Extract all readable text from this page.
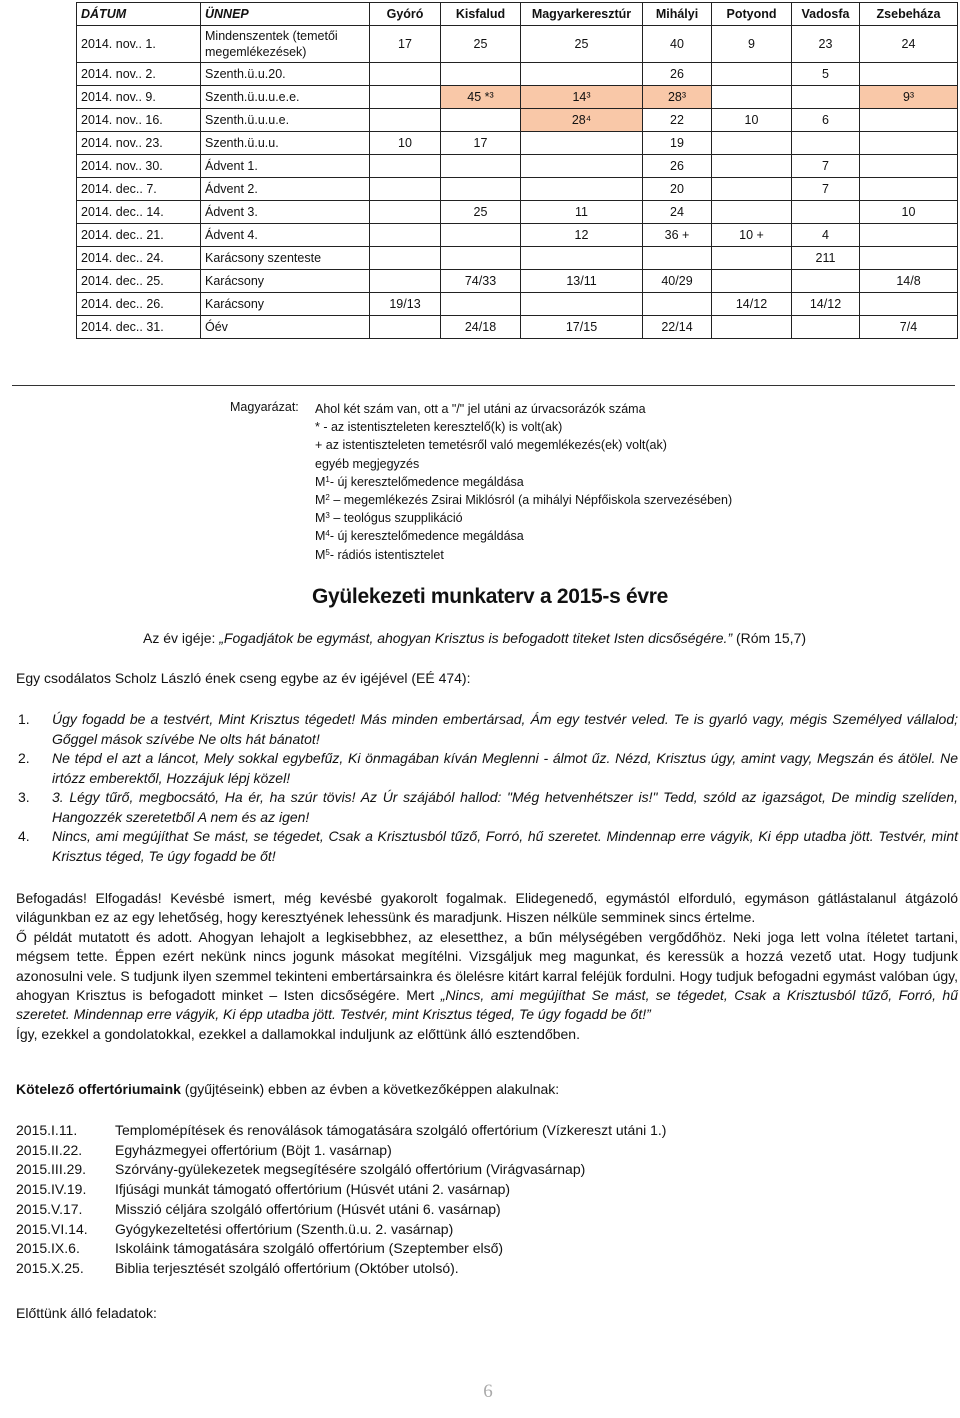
DÁTUM	ÜNNEP	Gyóró	Kisfalud	Magyarkeresztúr	Mihályi	Potyond	Vadosfa	Zsebeháza
2014. nov.. 1.	Mindenszentek (temetői megemlékezések)	17	25	25	40	9	23	24
2014. nov.. 2.	Szenth.ü.u.20.				26		5	
2014. nov.. 9.	Szenth.ü.u.u.e.e.		45 *³	14³	28³			9³
2014. nov.. 16.	Szenth.ü.u.u.e.			28⁴	22	10	6	
2014. nov.. 23.	Szenth.ü.u.u.	10	17		19			
2014. nov.. 30.	Ádvent 1.				26		7	
2014. dec.. 7.	Ádvent 2.				20		7	
2014. dec.. 14.	Ádvent 3.		25	11	24			10
2014. dec.. 21.	Ádvent 4.			12	36 +	10 +	4	
2014. dec.. 24.	Karácsony szenteste						211	
2014. dec.. 25.	Karácsony		74/33	13/11	40/29			14/8
2014. dec.. 26.	Karácsony	19/13				14/12	14/12	
2014. dec.. 31.	Óév		24/18	17/15	22/14			7/4
Magyarázat: Ahol két szám van, ott a "/" jel utáni az úrvacsorázók száma
* - az istentiszteleten keresztelő(k) is volt(ak)
+ az istentiszteleten temetésről való megemlékezés(ek) volt(ak)
egyéb megjegyzés
$M^1-$ új keresztelőmedence megáldása
$M^2$ – megemlékezés Zsirai Miklósról (a mihályi Népfőiskola szervezésében)
$M^3$ – teológus szupplikáció
$M^4-$ új keresztelőmedence megáldása
$M^5-$ rádiós istentisztelet
Gyülekezeti munkaterv a 2015-s évre
Az év igéje: „Fogadjátok be egymást, ahogyan Krisztus is befogadott titeket Isten dicsőségére.” (Róm 15,7)
Egy csodálatos Scholz László ének cseng egybe az év igéjével (EÉ 474):
1.	Úgy fogadd be a testvért, Mint Krisztus tégedet! Más minden embertársad, Ám egy testvér veled. Te is gyarló vagy, mégis Személyed vállalod; Gőggel mások szívébe Ne olts hát bánatot!
2.	Ne tépd el azt a láncot, Mely sokkal egybefűz, Ki önmagában kíván Meglenni - álmot űz. Nézd, Krisztus úgy, amint vagy, Megszán és átölel. Ne irtózz emberektől, Hozzájuk lépj közel!
3.	3. Légy tűrő, megbocsátó, Ha ér, ha szúr tövis! Az Úr szájából hallod: "Még hetvenhétszer is!" Tedd, szóld az igazságot, De mindig szelíden, Hangozzék szeretetből A nem és az igen!
4.	Nincs, ami megújíthat Se mást, se tégedet, Csak a Krisztusból tűző, Forró, hű szeretet. Mindennap erre vágyik, Ki épp utadba jött. Testvér, mint Krisztus téged, Te úgy fogadd be őt!
Befogadás! Elfogadás! Kevésbé ismert, még kevésbé gyakorolt fogalmak. Elidegenedő, egymástól elforduló, egymáson gátlástalanul átgázoló világunkban ez az egy lehetőség, hogy keresztyének lehessünk és maradjunk. Hiszen nélküle semminek sincs értelme.
Ő példát mutatott és adott. Ahogyan lehajolt a legkisebbhez, az elesetthez, a bűn mélységében vergődőhöz. Neki joga lett volna ítéletet tartani, mégsem tette. Éppen ezért nekünk nincs jogunk másokat megítélni. Vizsgáljuk meg magunkat, és keressük a hozzá vezető utat. Hogy tudjunk azonosulni vele. S tudjunk ilyen szemmel tekinteni embertársainkra és ölelésre kitárt karral feléjük fordulni. Hogy tudjuk befogadni egymást valóban úgy, ahogyan Krisztus is befogadott minket – Isten dicsőségére. Mert „Nincs, ami megújíthat Se mást, se tégedet, Csak a Krisztusból tűző, Forró, hű szeretet. Mindennap erre vágyik, Ki épp utadba jött. Testvér, mint Krisztus téged, Te úgy fogadd be őt!”
Így, ezekkel a gondolatokkal, ezekkel a dallamokkal induljunk az előttünk álló esztendőben.
Kötelező offertóriumaink (gyűjtéseink) ebben az évben a következőképpen alakulnak:
2015.I.11.	Templomépítések és renoválások támogatására szolgáló offertórium (Vízkereszt utáni 1.)
2015.II.22.	Egyházmegyei offertórium (Böjt 1. vasárnap)
2015.III.29.	Szórvány-gyülekezetek megsegítésére szolgáló offertórium (Virágvasárnap)
2015.IV.19.	Ifjúsági munkát támogató offertórium (Húsvét utáni 2. vasárnap)
2015.V.17.	Misszió céljára szolgáló offertórium (Húsvét utáni 6. vasárnap)
2015.VI.14.	Gyógykezeltetési offertórium (Szenth.ü.u. 2. vasárnap)
2015.IX.6.	Iskoláink támogatására szolgáló offertórium (Szeptember első)
2015.X.25.	Biblia terjesztését szolgáló offertórium (Október utolsó).
Előttünk álló feladatok:
6
